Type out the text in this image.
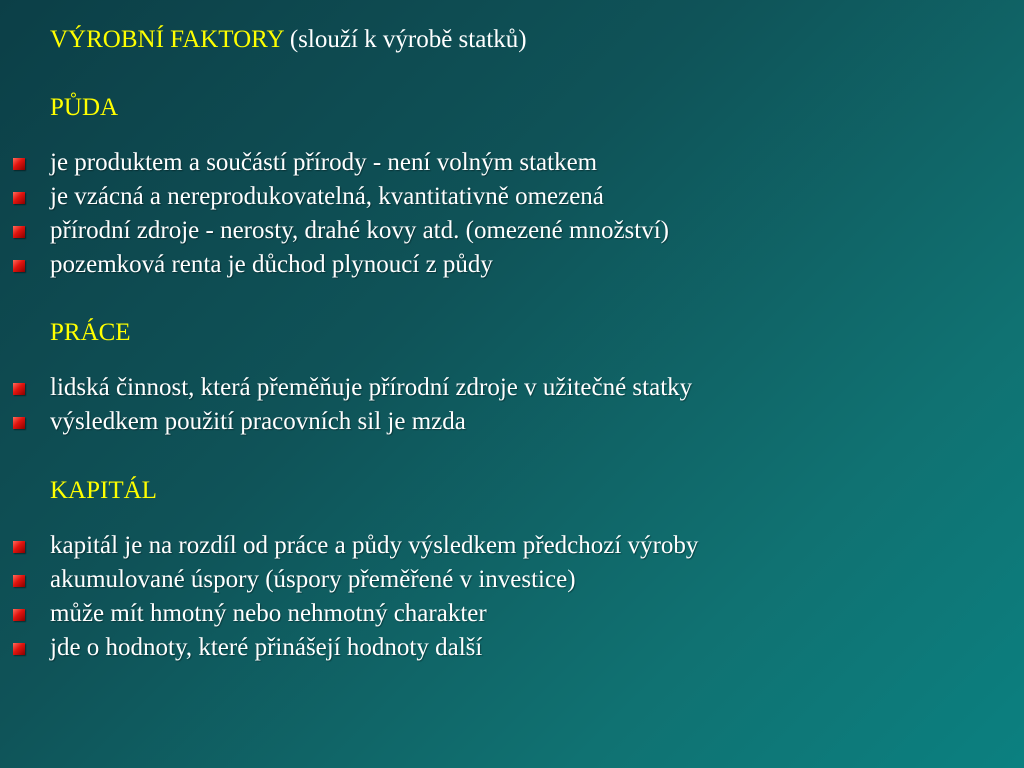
VÝROBNÍ FAKTORY (slouží k výrobě statků)
PŮDA
je produktem a součástí přírody - není volným statkem
je vzácná a nereprodukovatelná, kvantitativně omezená
přírodní zdroje - nerosty, drahé kovy atd. (omezené množství)
pozemková renta je důchod plynoucí z půdy
PRÁCE
lidská činnost, která přeměňuje přírodní zdroje v užitečné statky
výsledkem použití pracovních sil je mzda
KAPITÁL
kapitál je na rozdíl od práce a půdy výsledkem předchozí výroby
akumulované úspory (úspory přeměřené v investice)
může mít hmotný nebo nehmotný charakter
jde o hodnoty, které přinášejí hodnoty další
